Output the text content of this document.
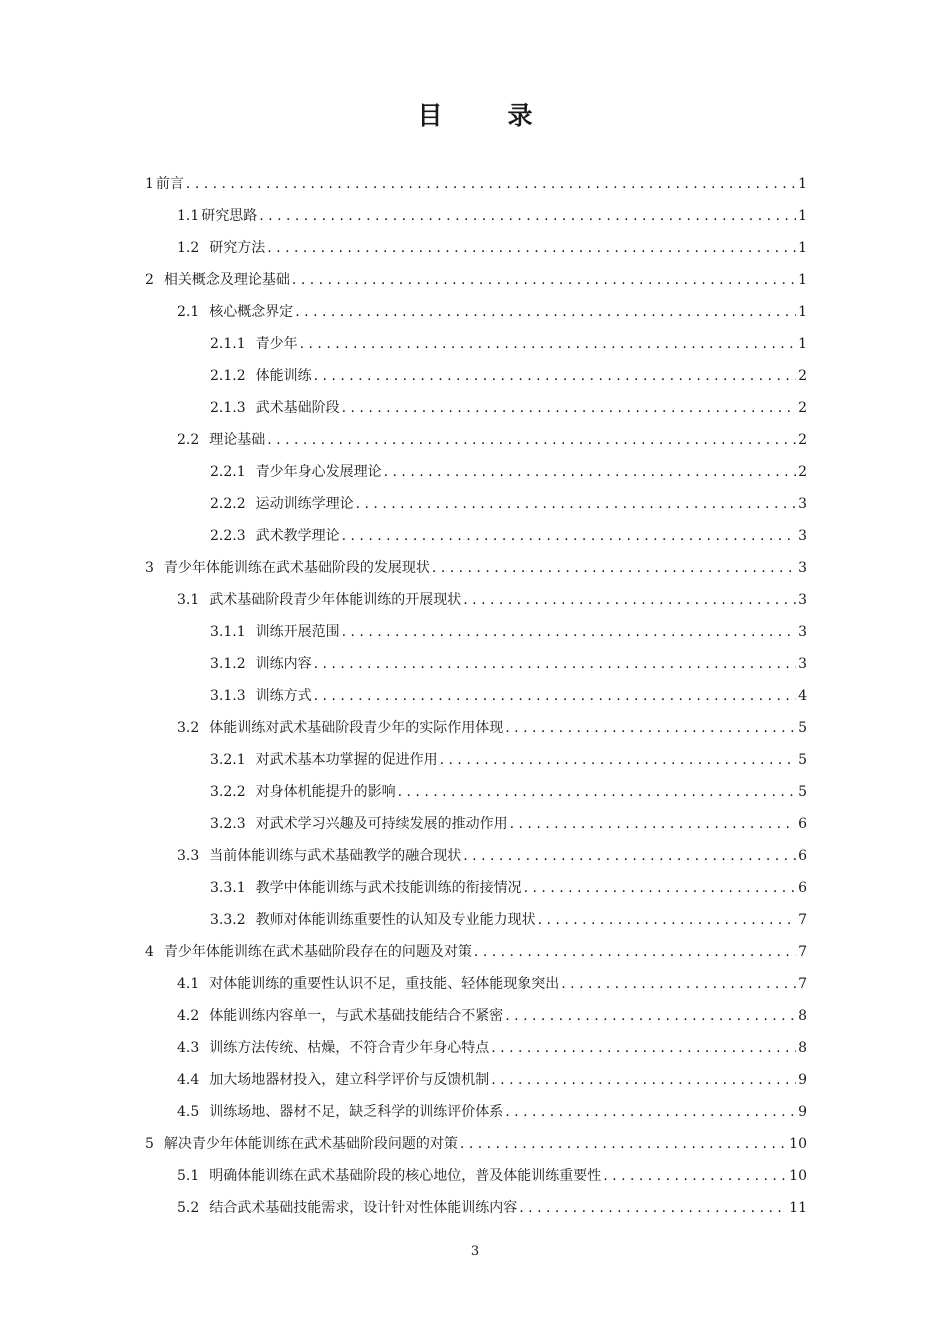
目　录
1 前言 . . .	1
1.1 研究思路 . . .	1
1.2 研究方法 . . .	1
2 相关概念及理论基础 . . .	1
2.1 核心概念界定 . . .	1
2.1.1 青少年 . . .	1
2.1.2 体能训练 . . .	2
2.1.3 武术基础阶段 . . .	2
2.2 理论基础 . . .	2
2.2.1 青少年身心发展理论 . . .	2
2.2.2 运动训练学理论 . . .	3
2.2.3 武术教学理论 . . .	3
3 青少年体能训练在武术基础阶段的发展现状 . . .	3
3.1 武术基础阶段青少年体能训练的开展现状 . . .	3
3.1.1 训练开展范围 . . .	3
3.1.2 训练内容 . . .	3
3.1.3 训练方式 . . .	4
3.2 体能训练对武术基础阶段青少年的实际作用体现 . . .	5
3.2.1 对武术基本功掌握的促进作用 . . .	5
3.2.2 对身体机能提升的影响 . . .	5
3.2.3 对武术学习兴趣及可持续发展的推动作用 . . .	6
3.3 当前体能训练与武术基础教学的融合现状 . . .	6
3.3.1 教学中体能训练与武术技能训练的衔接情况 . . .	6
3.3.2 教师对体能训练重要性的认知及专业能力现状 . . .	7
4 青少年体能训练在武术基础阶段存在的问题及对策 . . .	7
4.1 对体能训练的重要性认识不足，重技能、轻体能现象突出 . . .	7
4.2 体能训练内容单一，与武术基础技能结合不紧密 . . .	8
4.3 训练方法传统、枯燥，不符合青少年身心特点 . . .	8
4.4 加大场地器材投入，建立科学评价与反馈机制 . . .	9
4.5 训练场地、器材不足，缺乏科学的训练评价体系 . . .	9
5 解决青少年体能训练在武术基础阶段问题的对策 . . .	10
5.1 明确体能训练在武术基础阶段的核心地位，普及体能训练重要性 . . .	10
5.2 结合武术基础技能需求，设计针对性体能训练内容 . . .	11
3
